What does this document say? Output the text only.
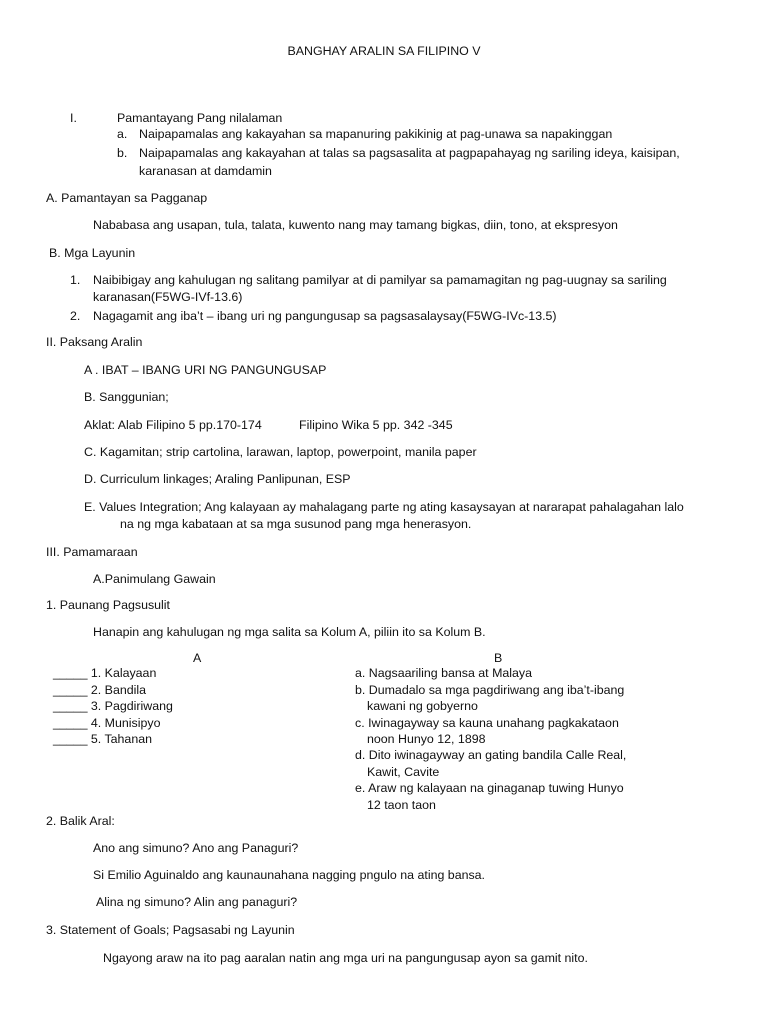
BANGHAY ARALIN SA FILIPINO V
I.	Pamantayang Pang nilalaman
a. Naipapamalas ang kakayahan sa mapanuring pakikinig at pag-unawa sa napakinggan
b. Naipapamalas ang kakayahan at talas sa pagsasalita at pagpapahayag ng sariling ideya, kaisipan,
karanasan at damdamin
A. Pamantayan sa Pagganap
Nababasa ang usapan, tula, talata, kuwento nang may tamang bigkas, diin, tono, at ekspresyon
B. Mga Layunin
1. Naibibigay ang kahulugan ng salitang pamilyar at di pamilyar sa pamamagitan ng pag-uugnay sa sariling
karanasan(F5WG-IVf-13.6)
2. Nagagamit ang iba’t – ibang uri ng pangungusap sa pagsasalaysay(F5WG-IVc-13.5)
II. Paksang Aralin
A . IBAT – IBANG URI NG PANGUNGUSAP
B. Sanggunian;
Aklat: Alab Filipino 5 pp.170-174	Filipino Wika 5 pp. 342 -345
C. Kagamitan; strip cartolina, larawan, laptop, powerpoint, manila paper
D. Curriculum linkages; Araling Panlipunan, ESP
E. Values Integration; Ang kalayaan ay mahalagang parte ng ating kasaysayan at nararapat pahalagahan lalo
na ng mga kabataan at sa mga susunod pang mga henerasyon.
III. Pamamaraan
A.Panimulang Gawain
1. Paunang Pagsusulit
Hanapin ang kahulugan ng mga salita sa Kolum A, piliin ito sa Kolum B.
A	B
_____ 1. Kalayaan
_____ 2. Bandila
_____ 3. Pagdiriwang
_____ 4. Munisipyo
_____ 5. Tahanan
a. Nagsaariling bansa at Malaya
b. Dumadalo sa mga pagdiriwang ang iba’t-ibang
kawani ng gobyerno
c. Iwinagayway sa kauna unahang pagkakataon
noon Hunyo 12, 1898
d. Dito iwinagayway an gating bandila Calle Real,
Kawit, Cavite
e. Araw ng kalayaan na ginaganap tuwing Hunyo
12 taon taon
2. Balik Aral:
Ano ang simuno? Ano ang Panaguri?
Si Emilio Aguinaldo ang kaunaunahana nagging pngulo na ating bansa.
Alina ng simuno? Alin ang panaguri?
3. Statement of Goals; Pagsasabi ng Layunin
Ngayong araw na ito pag aaralan natin ang mga uri na pangungusap ayon sa gamit nito.
